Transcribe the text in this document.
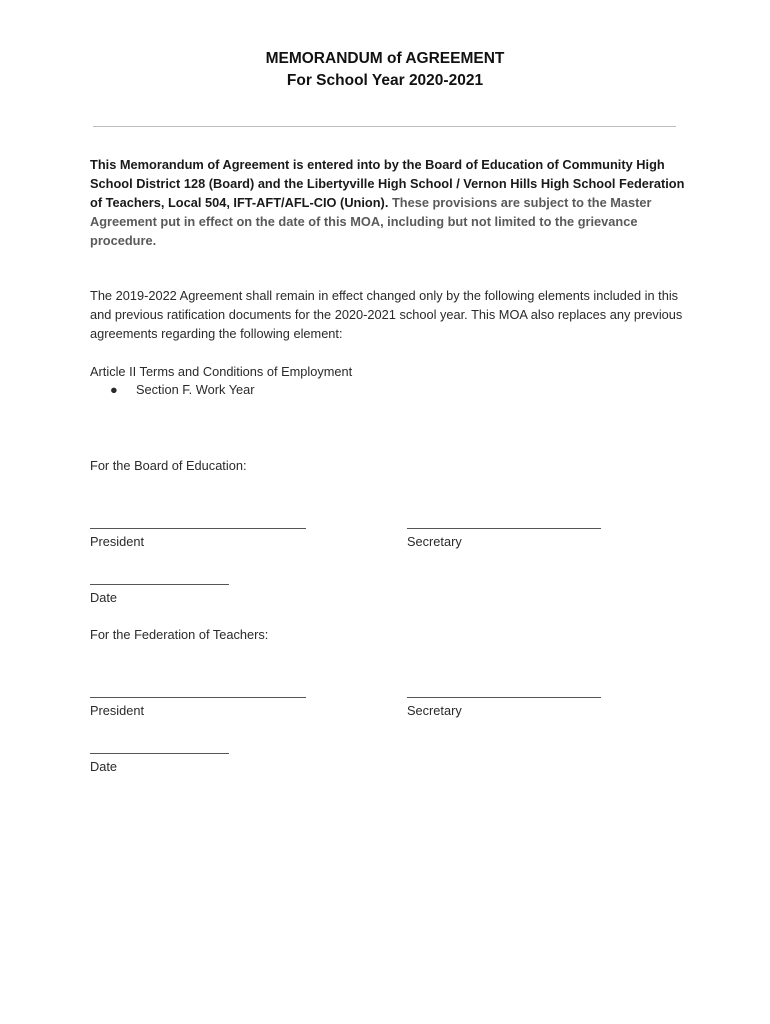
MEMORANDUM of AGREEMENT
For School Year 2020-2021
This Memorandum of Agreement is entered into by the Board of Education of Community High School District 128 (Board) and the Libertyville High School / Vernon Hills High School Federation of Teachers, Local 504, IFT-AFT/AFL-CIO (Union). These provisions are subject to the Master Agreement put in effect on the date of this MOA, including but not limited to the grievance procedure.
The 2019-2022 Agreement shall remain in effect changed only by the following elements included in this and previous ratification documents for the 2020-2021 school year. This MOA also replaces any previous agreements regarding the following element:
Article II Terms and Conditions of Employment
● Section F. Work Year
For the Board of Education:
President	Secretary
Date
For the Federation of Teachers:
President	Secretary
Date
